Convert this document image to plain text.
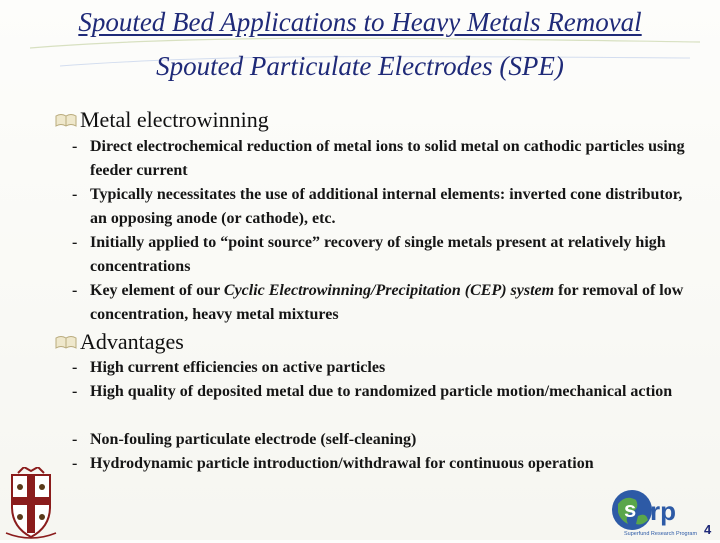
Spouted Bed Applications to Heavy Metals Removal
Spouted Particulate Electrodes (SPE)
Metal electrowinning
- Direct electrochemical reduction of metal ions to solid metal on cathodic particles using feeder current
- Typically necessitates the use of additional internal elements: inverted cone distributor, an opposing anode (or cathode), etc.
- Initially applied to “point source” recovery of single metals present at relatively high concentrations
- Key element of our Cyclic Electrowinning/Precipitation (CEP) system for removal of low concentration, heavy metal mixtures
Advantages
- High current efficiencies on active particles
- High quality of deposited metal due to randomized particle motion/mechanical action
- Non-fouling particulate electrode (self-cleaning)
- Hydrodynamic particle introduction/withdrawal for continuous operation
s rp
Superfund Research Program 4
